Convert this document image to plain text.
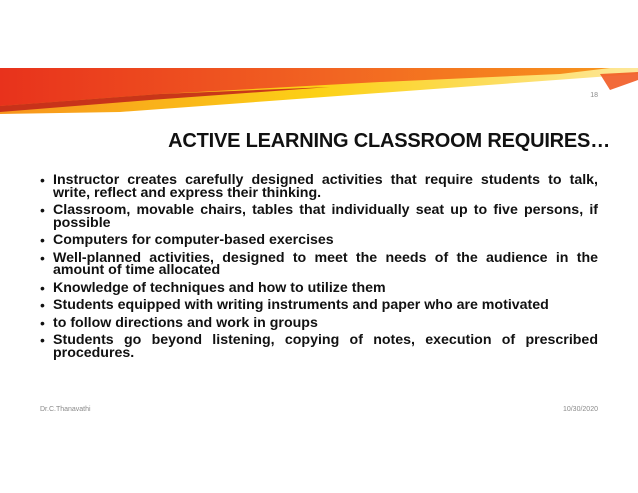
18
ACTIVE LEARNING CLASSROOM REQUIRES…
• Instructor creates carefully designed activities that require students to talk, write, reflect and express their thinking.
• Classroom, movable chairs, tables that individually seat up to five persons, if possible
• Computers for computer-based exercises
• Well-planned activities, designed to meet the needs of the audience in the amount of time allocated
• Knowledge of techniques and how to utilize them
• Students equipped with writing instruments and paper who are motivated
• to follow directions and work in groups
• Students go beyond listening, copying of notes, execution of prescribed procedures.
Dr.C.Thanavathi	10/30/2020
